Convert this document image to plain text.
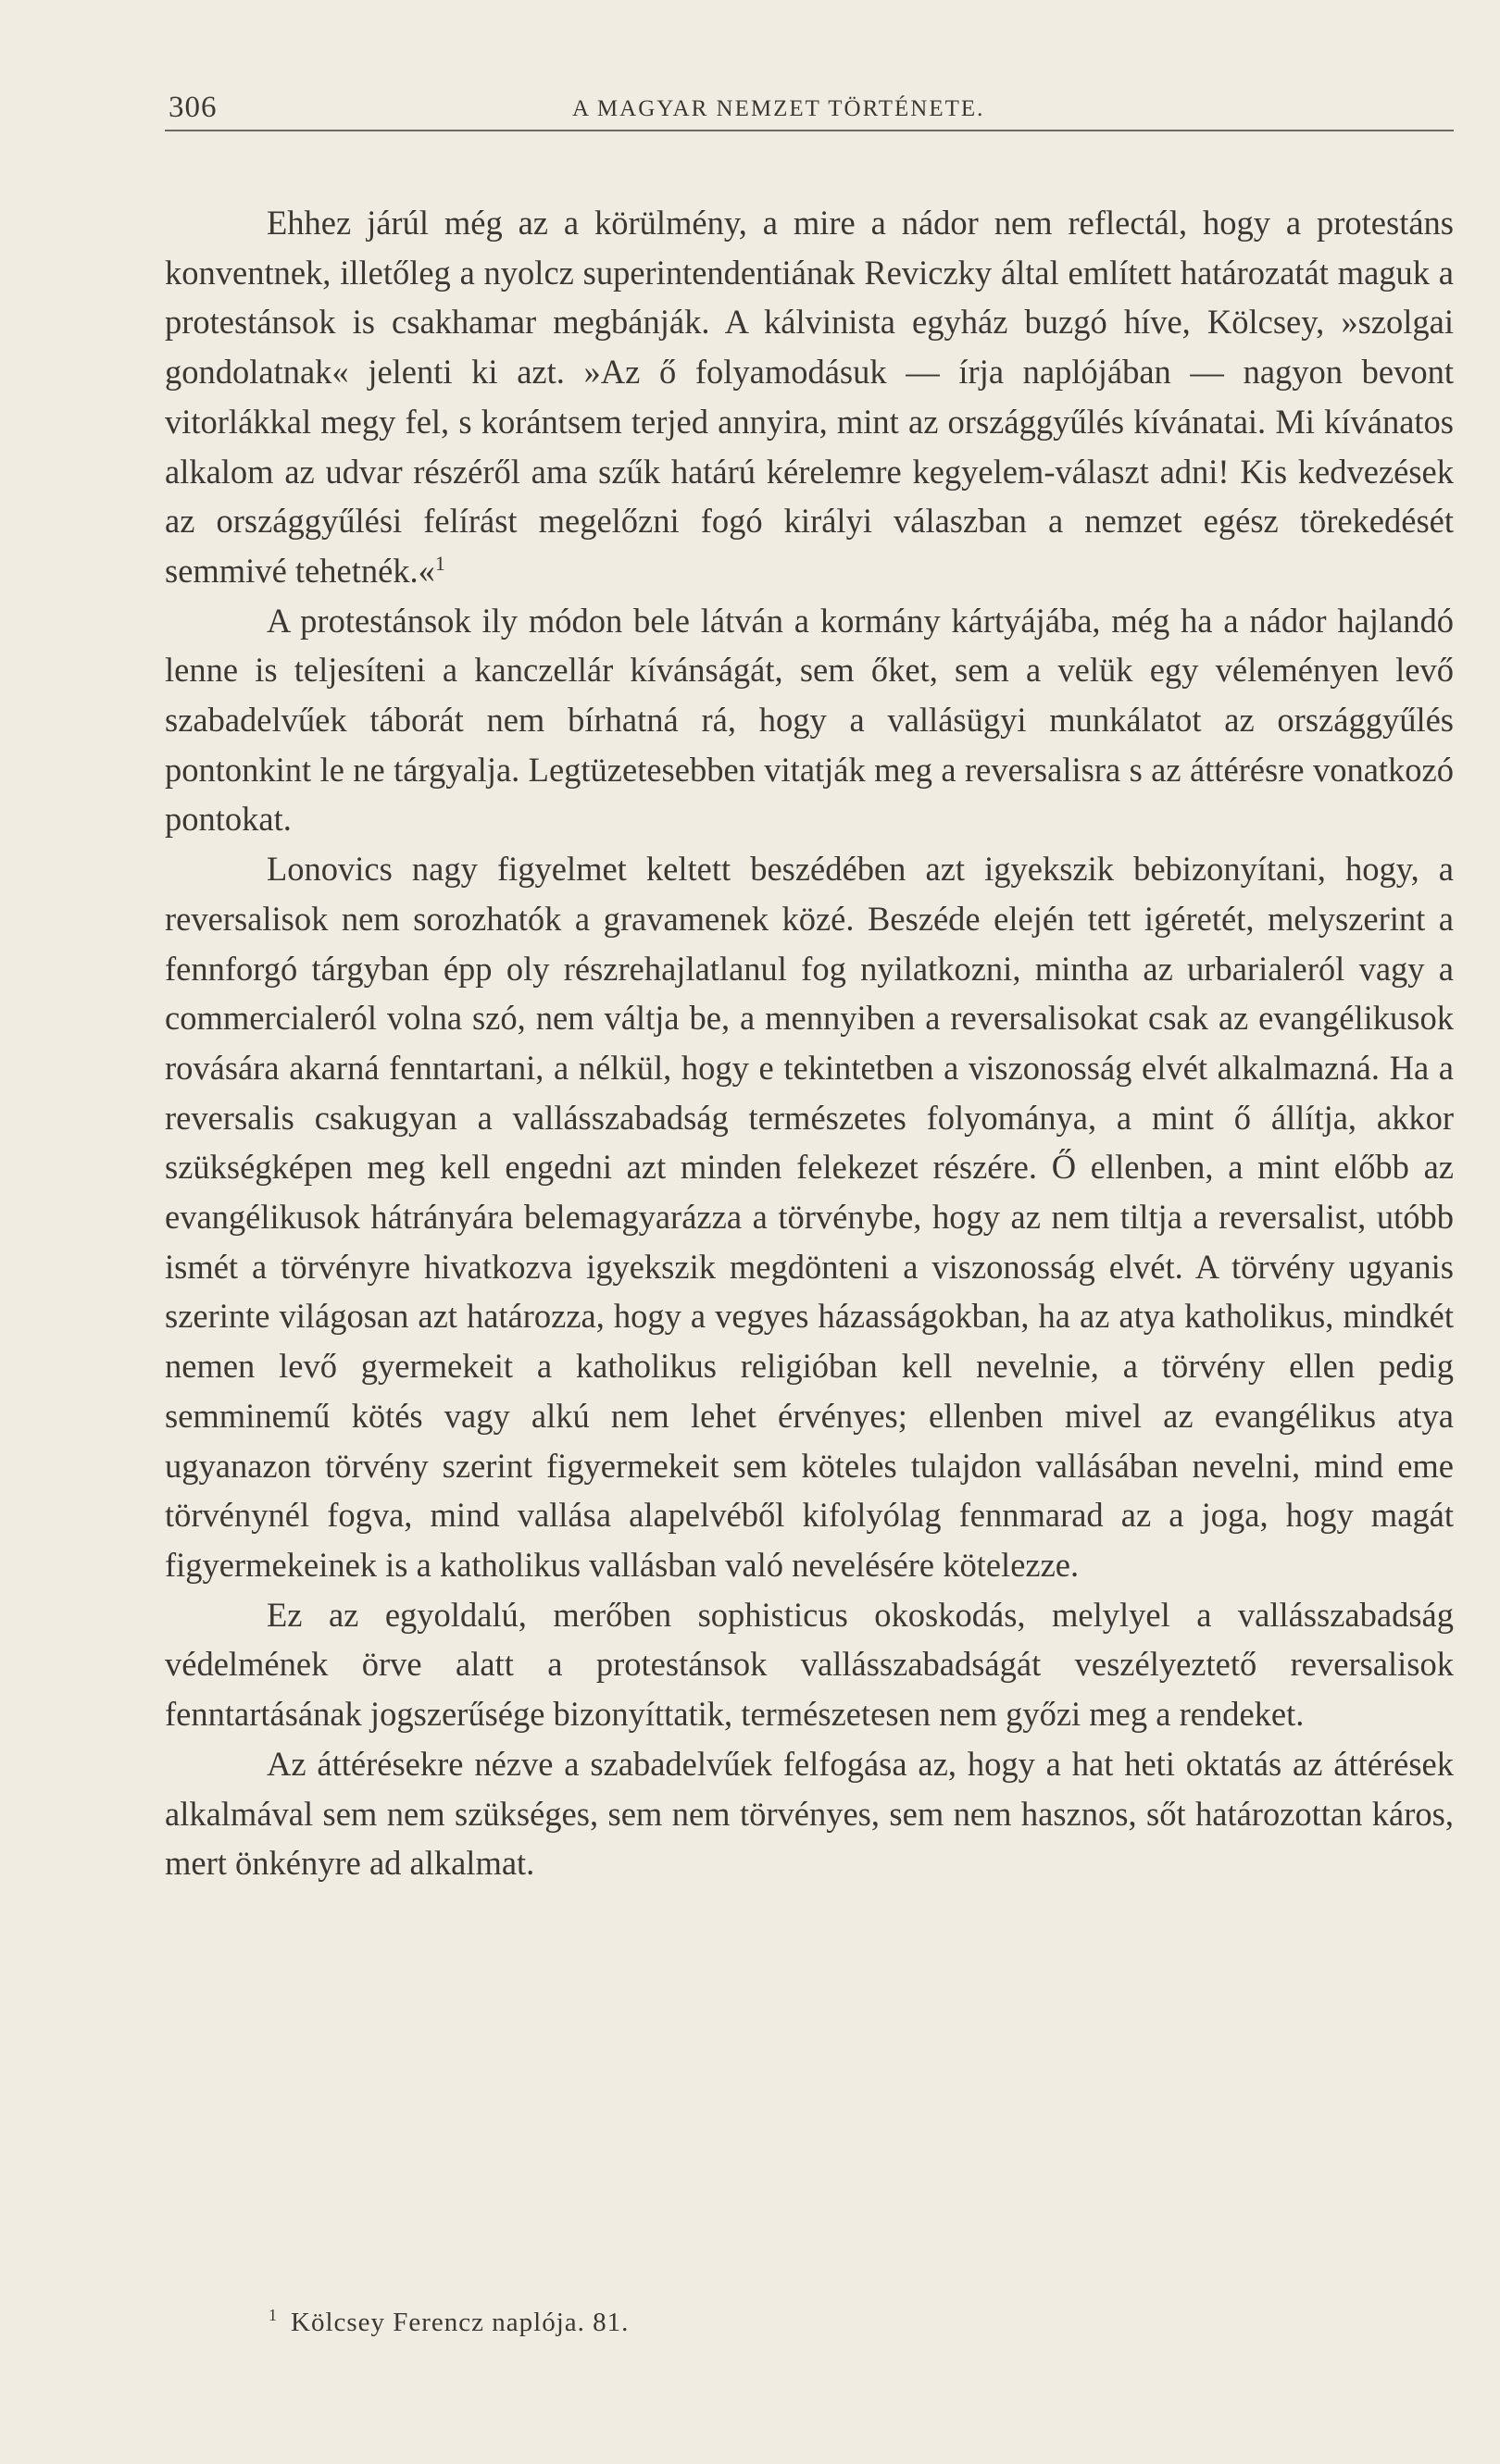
306	A MAGYAR NEMZET TÖRTÉNETE.

Ehhez járúl még az a körülmény, a mire a nádor nem reflectál, hogy a protestáns konventnek, illetőleg a nyolcz superintendentiának Reviczky által említett határozatát maguk a protestánsok is csakhamar megbánják. A kálvinista egyház buzgó híve, Kölcsey, »szolgai gondolatnak« jelenti ki azt. »Az ő folyamodásuk — írja naplójában — nagyon bevont vitorlákkal megy fel, s korántsem terjed annyira, mint az országgyűlés kívánatai. Mi kívánatos alkalom az udvar részéről ama szűk határú kérelemre kegyelem-választ adni! Kis kedvezések az országgyűlési felírást megelőzni fogó királyi válaszban a nemzet egész törekedését semmivé tehetnék.«$^1$

A protestánsok ily módon bele látván a kormány kártyájába, még ha a nádor hajlandó lenne is teljesíteni a kanczellár kívánságát, sem őket, sem a velük egy véleményen levő szabadelvűek táborát nem bírhatná rá, hogy a vallásügyi munkálatot az országgyűlés pontonkint le ne tárgyalja. Legtüzetesebben vitatják meg a reversalisra s az áttérésre vonatkozó pontokat.

Lonovics nagy figyelmet keltett beszédében azt igyekszik bebizonyítani, hogy, a reversalisok nem sorozhatók a gravamenek közé. Beszéde elején tett igéretét, melyszerint a fennforgó tárgyban épp oly részrehajlatlanul fog nyilatkozni, mintha az urbarialeról vagy a commercialeról volna szó, nem váltja be, a mennyiben a reversalisokat csak az evangélikusok rovására akarná fenntartani, a nélkül, hogy e tekintetben a viszonosság elvét alkalmazná. Ha a reversalis csakugyan a vallásszabadság természetes folyománya, a mint ő állítja, akkor szükségképen meg kell engedni azt minden felekezet részére. Ő ellenben, a mint előbb az evangélikusok hátrányára belemagyarázza a törvénybe, hogy az nem tiltja a reversalist, utóbb ismét a törvényre hivatkozva igyekszik megdönteni a viszonosság elvét. A törvény ugyanis szerinte világosan azt határozza, hogy a vegyes házasságokban, ha az atya katholikus, mindkét nemen levő gyermekeit a katholikus religióban kell nevelnie, a törvény ellen pedig semminemű kötés vagy alkú nem lehet érvényes; ellenben mivel az evangélikus atya ugyanazon törvény szerint figyermekeit sem köteles tulajdon vallásában nevelni, mind eme törvénynél fogva, mind vallása alapelvéből kifolyólag fennmarad az a joga, hogy magát figyermekeinek is a katholikus vallásban való nevelésére kötelezze.

Ez az egyoldalú, merőben sophisticus okoskodás, melylyel a vallásszabadság védelmének örve alatt a protestánsok vallásszabadságát veszélyeztető reversalisok fenntartásának jogszerűsége bizonyíttatik, természetesen nem győzi meg a rendeket.

Az áttérésekre nézve a szabadelvűek felfogása az, hogy a hat heti oktatás az áttérések alkalmával sem nem szükséges, sem nem törvényes, sem nem hasznos, sőt határozottan káros, mert önkényre ad alkalmat.

$^1$ Kölcsey Ferencz naplója. 81.
